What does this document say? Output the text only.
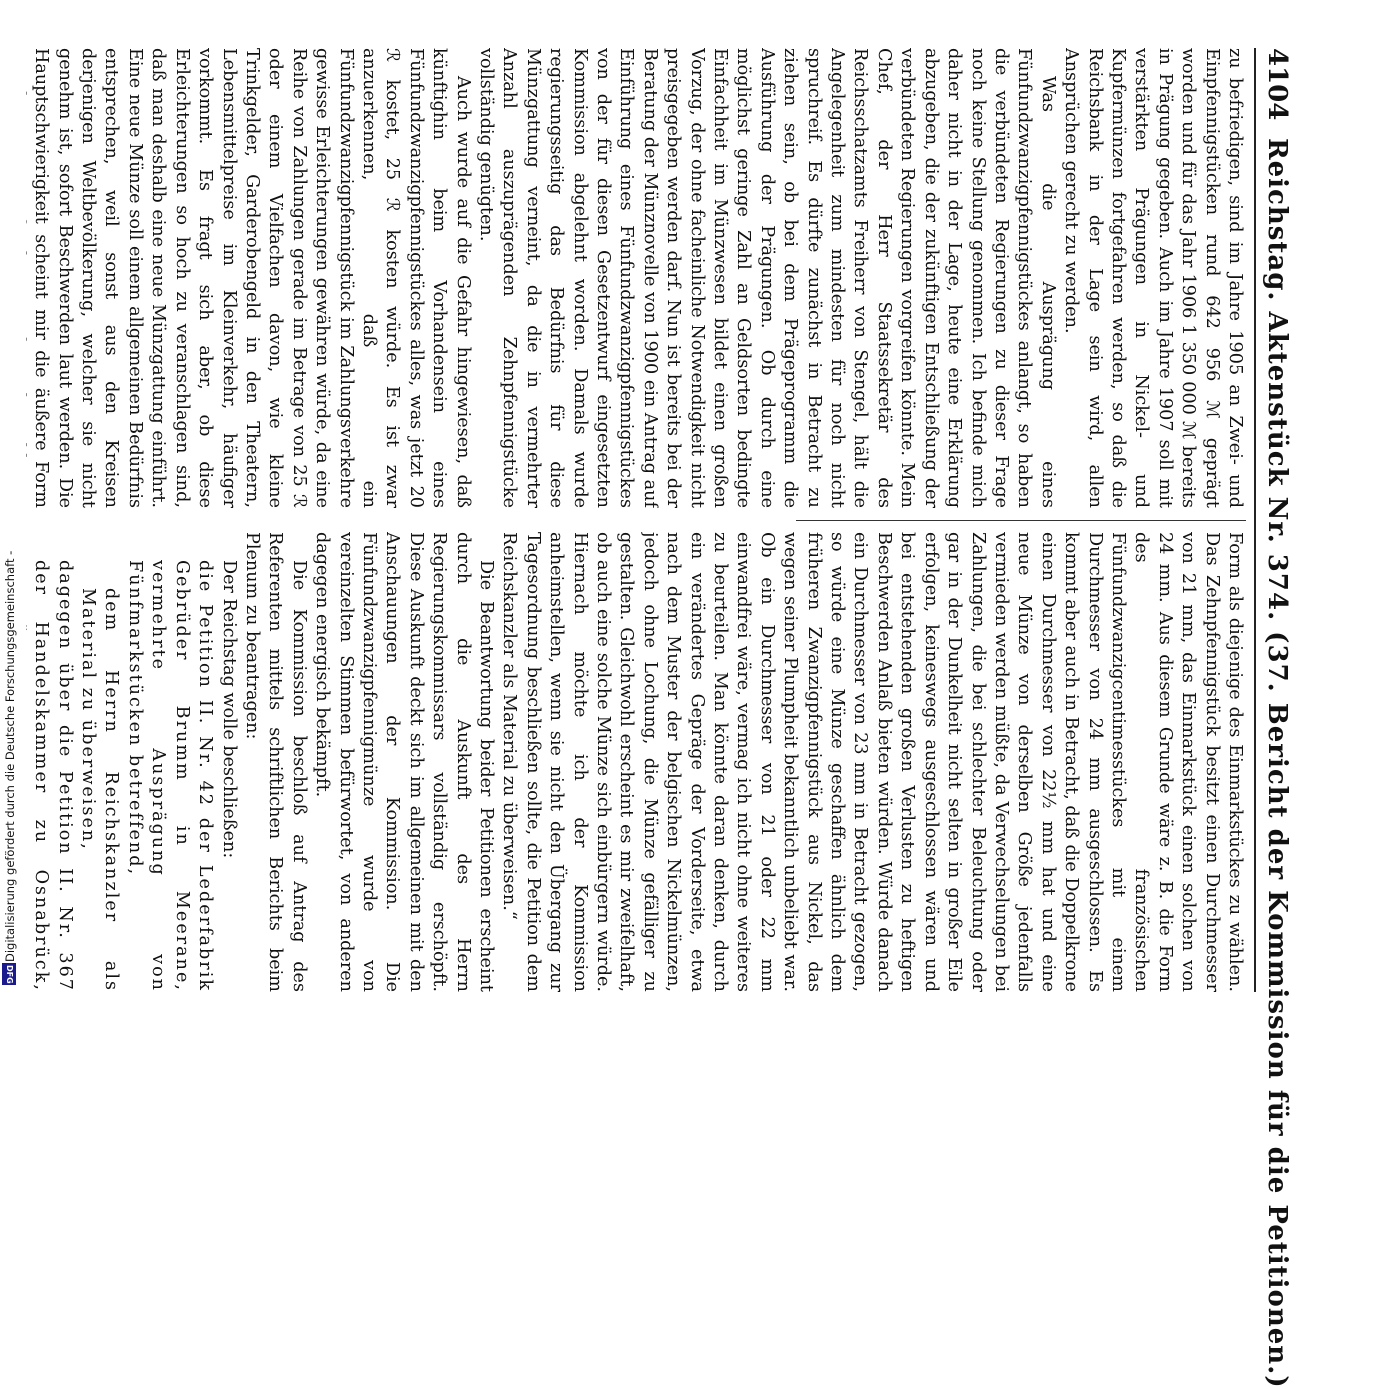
4104
Reichstag. Aktenstück Nr. 374. (37. Bericht der Kommission für die Petitionen.)

zu befriedigen, sind im Jahre 1905 an Zwei- und Einpfennigstücken rund 642 956 ℳ geprägt worden und für das Jahr 1906 1 350 000 ℳ bereits in Prägung gegeben. Auch im Jahre 1907 soll mit verstärkten Prägungen in Nickel- und Kupfermünzen fortgefahren werden, so daß die Reichsbank in der Lage sein wird, allen Ansprüchen gerecht zu werden.

Was die Ausprägung eines Fünfundzwanzigpfennigstückes anlangt, so haben die verbündeten Regierungen zu dieser Frage noch keine Stellung genommen. Ich befinde mich daher nicht in der Lage, heute eine Erklärung abzugeben, die der zukünftigen Entschließung der verbündeten Regierungen vorgreifen könnte. Mein Chef, der Herr Staatssekretär des Reichsschatzamts Freiherr von Stengel, hält die Angelegenheit zum mindesten für noch nicht spruchreif. Es dürfte zunächst in Betracht zu ziehen sein, ob bei dem Prägeprogramm die Ausführung der Prägungen. Ob durch eine möglichst geringe Zahl an Geldsorten bedingte Einfachheit im Münzwesen bildet einen großen Vorzug, der ohne facheinliche Notwendigkeit nicht preisgegeben werden darf. Nun ist bereits bei der Beratung der Münznovelle von 1900 ein Antrag auf Einführung eines Fünfundzwanzigpfennigstückes von der für diesen Gesetzentwurf eingesetzten Kommission abgelehnt worden. Damals wurde regierungsseitig das Bedürfnis für diese Münzgattung verneint, da die in vermehrter Anzahl auszuprägenden Zehnpfennigstücke vollständig genügten.

Auch wurde auf die Gefahr hingewiesen, daß künftighin beim Vorhandensein eines Fünfundzwanzigpfennigstückes alles, was jetzt 20 ℛ kostet, 25 ℛ kosten würde. Es ist zwar anzuerkennen, daß ein Fünfundzwanzigpfennigstück im Zahlungsverkehre gewisse Erleichterungen gewähren würde, da eine Reihe von Zahlungen gerade im Betrage von 25 ℛ oder einem Vielfachen davon, wie kleine Trinkgelder, Garderobengeld in den Theatern, Lebensmittelpreise im Kleinverkehr, häufiger vorkommt. Es fragt sich aber, ob diese Erleichterungen so hoch zu veranschlagen sind, daß man deshalb eine neue Münzgattung einführt. Eine neue Münze soll einem allgemeinen Bedürfnis entsprechen, weil sonst aus den Kreisen derjenigen Weltbevölkerung, welcher sie nicht genehm ist, sofort Beschwerden laut werden. Die Hauptschwierigkeit scheint mir die äußere Form

Form als diejenige des Einmarkstückes zu wählen. Das Zehnpfennigstück besitzt einen Durchmesser von 21 mm, das Einmarkstück einen solchen von 24 mm. Aus diesem Grunde wäre z. B. die Form des französischen Fünfundzwanzigcentimesstückes mit einem Durchmesser von 24 mm ausgeschlossen. Es kommt aber auch in Betracht, daß die Doppelkrone einen Durchmesser von 22½ mm hat und eine neue Münze von derselben Größe jedenfalls vermieden werden müßte, da Verwechselungen bei Zahlungen, die bei schlechter Beleuchtung oder gar in der Dunkelheit nicht selten in großer Eile erfolgen, keineswegs ausgeschlossen wären und bei entstehenden großen Verlusten zu heftigen Beschwerden Anlaß bieten würden. Würde danach ein Durchmesser von 23 mm in Betracht gezogen, so würde eine Münze geschaffen ähnlich dem früheren Zwanzigpfennigstück aus Nickel, das wegen seiner Plumpheit bekanntlich unbeliebt war. Ob ein Durchmesser von 21 oder 22 mm einwandfrei wäre, vermag ich nicht ohne weiteres zu beurteilen. Man könnte daran denken, durch ein verändertes Gepräge der Vorderseite, etwa nach dem Muster der belgischen Nickelmünzen, jedoch ohne Lochung, die Münze gefälliger zu gestalten. Gleichwohl erscheint es mir zweifelhaft, ob auch eine solche Münze sich einbürgern würde. Hiernach möchte ich der Kommission anheimstellen, wenn sie nicht den Übergang zur Tagesordnung beschließen sollte, die Petition dem Reichskanzler als Material zu überweisen.“

Die Beantwortung beider Petitionen erscheint durch die Auskunft des Herrn Regierungskommissars vollständig erschöpft. Diese Auskunft deckt sich im allgemeinen mit den Anschauungen der Kommission. Die Fünfundzwanzigpfennigmünze wurde von vereinzelten Stimmen befürwortet, von anderen dagegen energisch bekämpft.

Die Kommission beschloß auf Antrag des Referenten mittels schriftlichen Berichts beim Plenum zu beantragen:

Der Reichstag wolle beschließen:

die Petition II. Nr. 42 der Lederfabrik Gebrüder Brumm in Meerane, vermehrte Ausprägung von Fünfmarkstücken betreffend,

dem Herrn Reichskanzler als Material zu überweisen,

dagegen über die Petition II. Nr. 367 der Handelskammer zu Osnabrück,

Digitalisierung gefördert durch die Deutsche Forschungsgemeinschaft -
DFG
